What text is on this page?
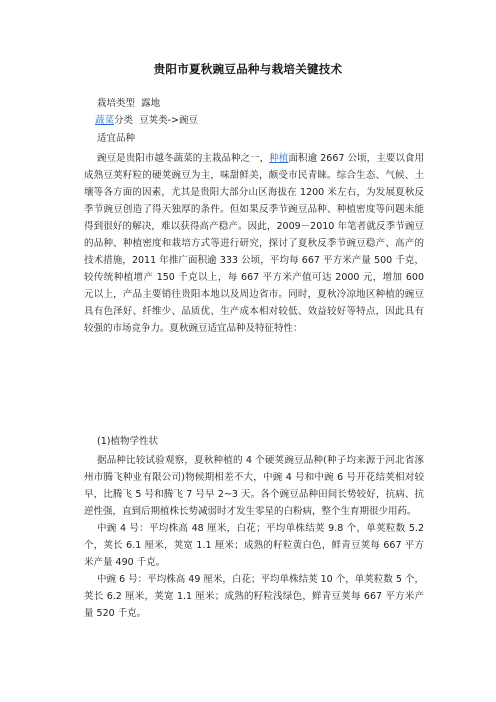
贵阳市夏秋豌豆品种与栽培关键技术
栽培类型 露地
蔬菜分类 豆荚类->豌豆
适宜品种

豌豆是贵阳市越冬蔬菜的主栽品种之一，种植面积逾 2667 公顷，主要以食用成熟豆荚籽粒的硬荚豌豆为主，味甜鲜美，颇受市民青睐。综合生态、气候、土壤等各方面的因素，尤其是贵阳大部分山区海拔在 1200 米左右，为发展夏秋反季节豌豆创造了得天独厚的条件。但如果反季节豌豆品种、种植密度等问题未能得到很好的解决，难以获得高产稳产。因此，2009－2010 年笔者就反季节豌豆的品种、种植密度和栽培方式等进行研究，探讨了夏秋反季节豌豆稳产、高产的技术措施，2011 年推广面积逾 333 公顷，平均每 667 平方米产量 500 千克，较传统种植增产 150 千克以上，每 667 平方米产值可达 2000 元，增加 600 元以上，产品主要销往贵阳本地以及周边省市。同时，夏秋冷凉地区种植的豌豆具有色泽好、纤维少、品质优、生产成本相对较低、效益较好等特点，因此具有较强的市场竞争力。夏秋豌豆适宜品种及特征特性：

(1)植物学性状

据品种比较试验观察，夏秋种植的 4 个硬荚豌豆品种(种子均来源于河北省涿州市腾飞种业有限公司)物候期相差不大，中豌 4 号和中豌 6 号开花结荚相对较早，比腾飞 5 号和腾飞 7 号早 2~3 天。各个豌豆品种田间长势较好，抗病、抗逆性强，直到后期植株长势减弱时才发生零星的白粉病，整个生育期很少用药。

中豌 4 号：平均株高 48 厘米，白花；平均单株结荚 9.8 个，单荚粒数 5.2 个，荚长 6.1 厘米，荚宽 1.1 厘米；成熟的籽粒黄白色，鲜青豆荚每 667 平方米产量 490 千克。

中豌 6 号：平均株高 49 厘米，白花；平均单株结荚 10 个，单荚粒数 5 个，荚长 6.2 厘米，荚宽 1.1 厘米；成熟的籽粒浅绿色，鲜青豆荚每 667 平方米产量 520 千克。
